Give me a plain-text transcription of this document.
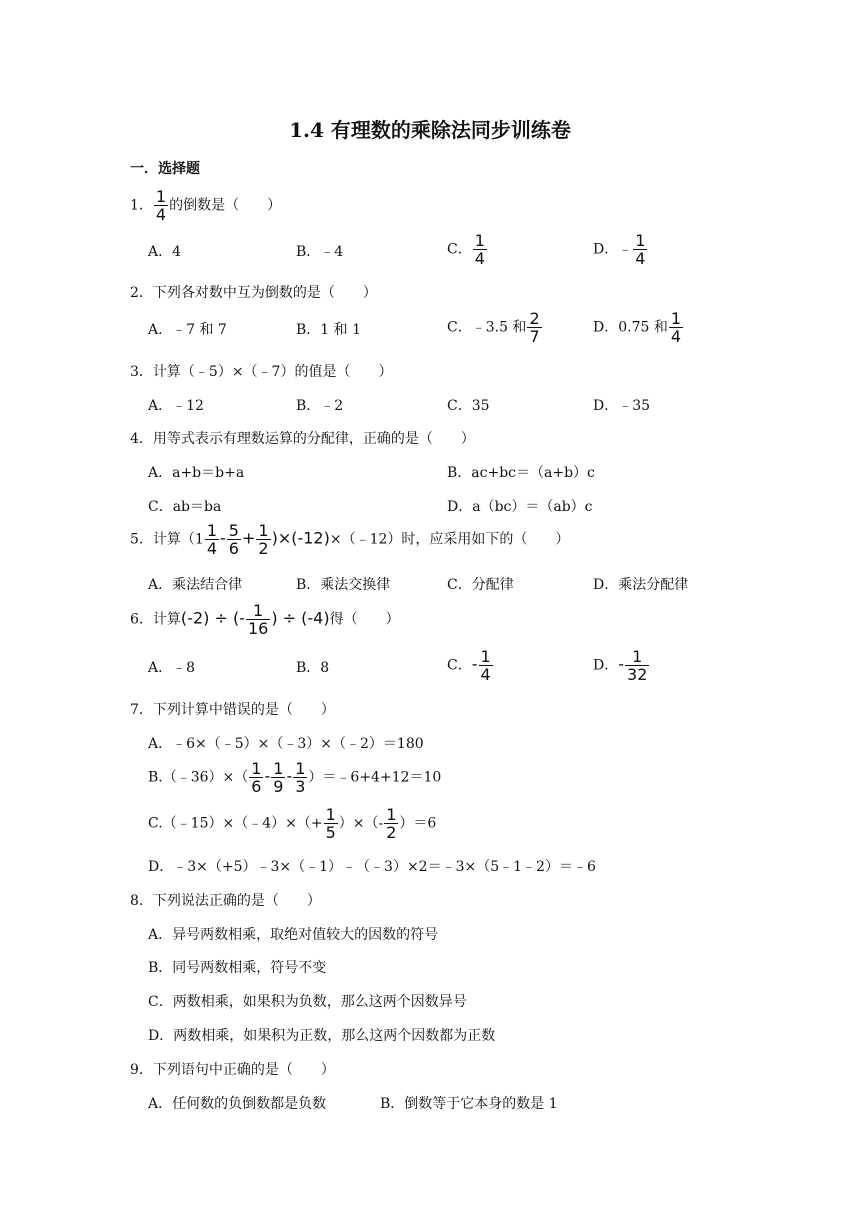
1.4 有理数的乘除法同步训练卷
一．选择题
1． $\frac{1}{4}$ 的倒数是（　　）
A．4	B．﹣4	C． $\frac{1}{4}$	D．﹣ $\frac{1}{4}$
2．下列各对数中互为倒数的是（　　）
A．﹣7 和 7	B．1 和 1	C．﹣3.5 和 $\frac{2}{7}$	D．0.75 和 $\frac{1}{4}$
3．计算（﹣5）×（﹣7）的值是（　　）
A．﹣12	B．﹣2	C．35	D．﹣35
4．用等式表示有理数运算的分配律，正确的是（　　）
A．a+b＝b+a	B．ac+bc＝（a+b）c
C．ab＝ba	D．a（bc）＝（ab）c
5．计算（$1 \frac{1}{4} - \frac{5}{6} + \frac{1}{2}$ )×(-12)×（﹣12）时，应采用如下的（　　）
A．乘法结合律	B．乘法交换律	C．分配律	D．乘法分配律
6．计算(-2) ÷ (- $\frac{1}{16}$ ) ÷ (-4)得（　　）
A．﹣8	B．8	C．- $\frac{1}{4}$	D．- $\frac{1}{32}$
7．下列计算中错误的是（　　）
A．﹣6×（﹣5）×（﹣3）×（﹣2）＝180
B.（﹣36）×（ $\frac{1}{6} - \frac{1}{9} - \frac{1}{3}$ ）＝﹣6+4+12＝10
C.（﹣15）×（﹣4）×（+ $\frac{1}{5}$ ）×（- $\frac{1}{2} )=6$
D．﹣3×（+5）﹣3×（﹣1）﹣（﹣3）×2＝﹣3×（5﹣1﹣2）＝﹣6
8．下列说法正确的是（　　）
A．异号两数相乘，取绝对值较大的因数的符号
B．同号两数相乘，符号不变
C．两数相乘，如果积为负数，那么这两个因数异号
D．两数相乘，如果积为正数，那么这两个因数都为正数
9．下列语句中正确的是（　　）
A．任何数的负倒数都是负数	B．倒数等于它本身的数是 1
